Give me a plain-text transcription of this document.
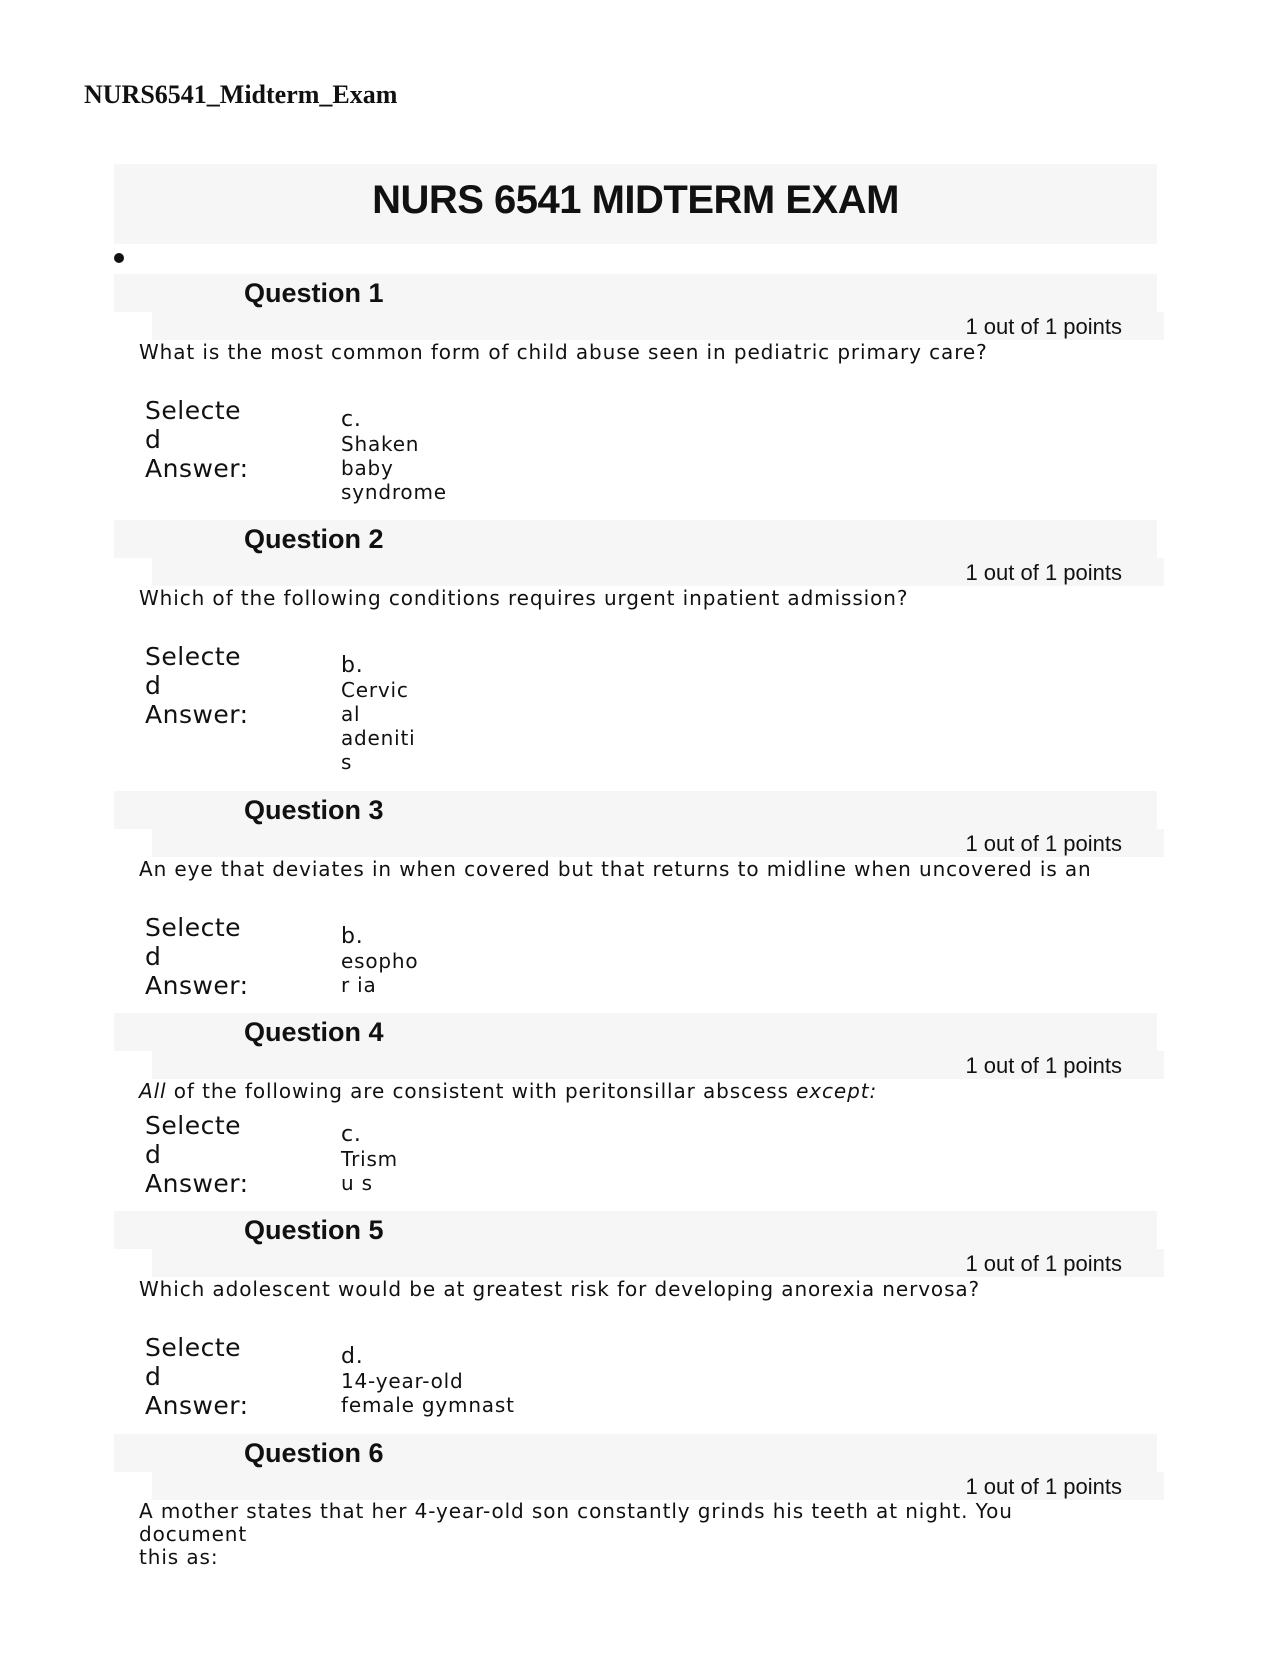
NURS6541_Midterm_Exam
NURS 6541 MIDTERM EXAM
Question 1
1 out of 1 points
What is the most common form of child abuse seen in pediatric primary care?
Selecte
d
Answer:
c.
Shaken
baby
syndrome
Question 2
1 out of 1 points
Which of the following conditions requires urgent inpatient admission?
Selecte
d
Answer:
b.
Cervic
al
adeniti
s
Question 3
1 out of 1 points
An eye that deviates in when covered but that returns to midline when uncovered is an
Selecte
d
Answer:
b.
esopho
r ia
Question 4
1 out of 1 points
All of the following are consistent with peritonsillar abscess except:
Selecte
d
Answer:
c.
Trism
u s
Question 5
1 out of 1 points
Which adolescent would be at greatest risk for developing anorexia nervosa?
Selecte
d
Answer:
d.
14-year-old
female gymnast
Question 6
1 out of 1 points
A mother states that her 4-year-old son constantly grinds his teeth at night. You
document
this as:
